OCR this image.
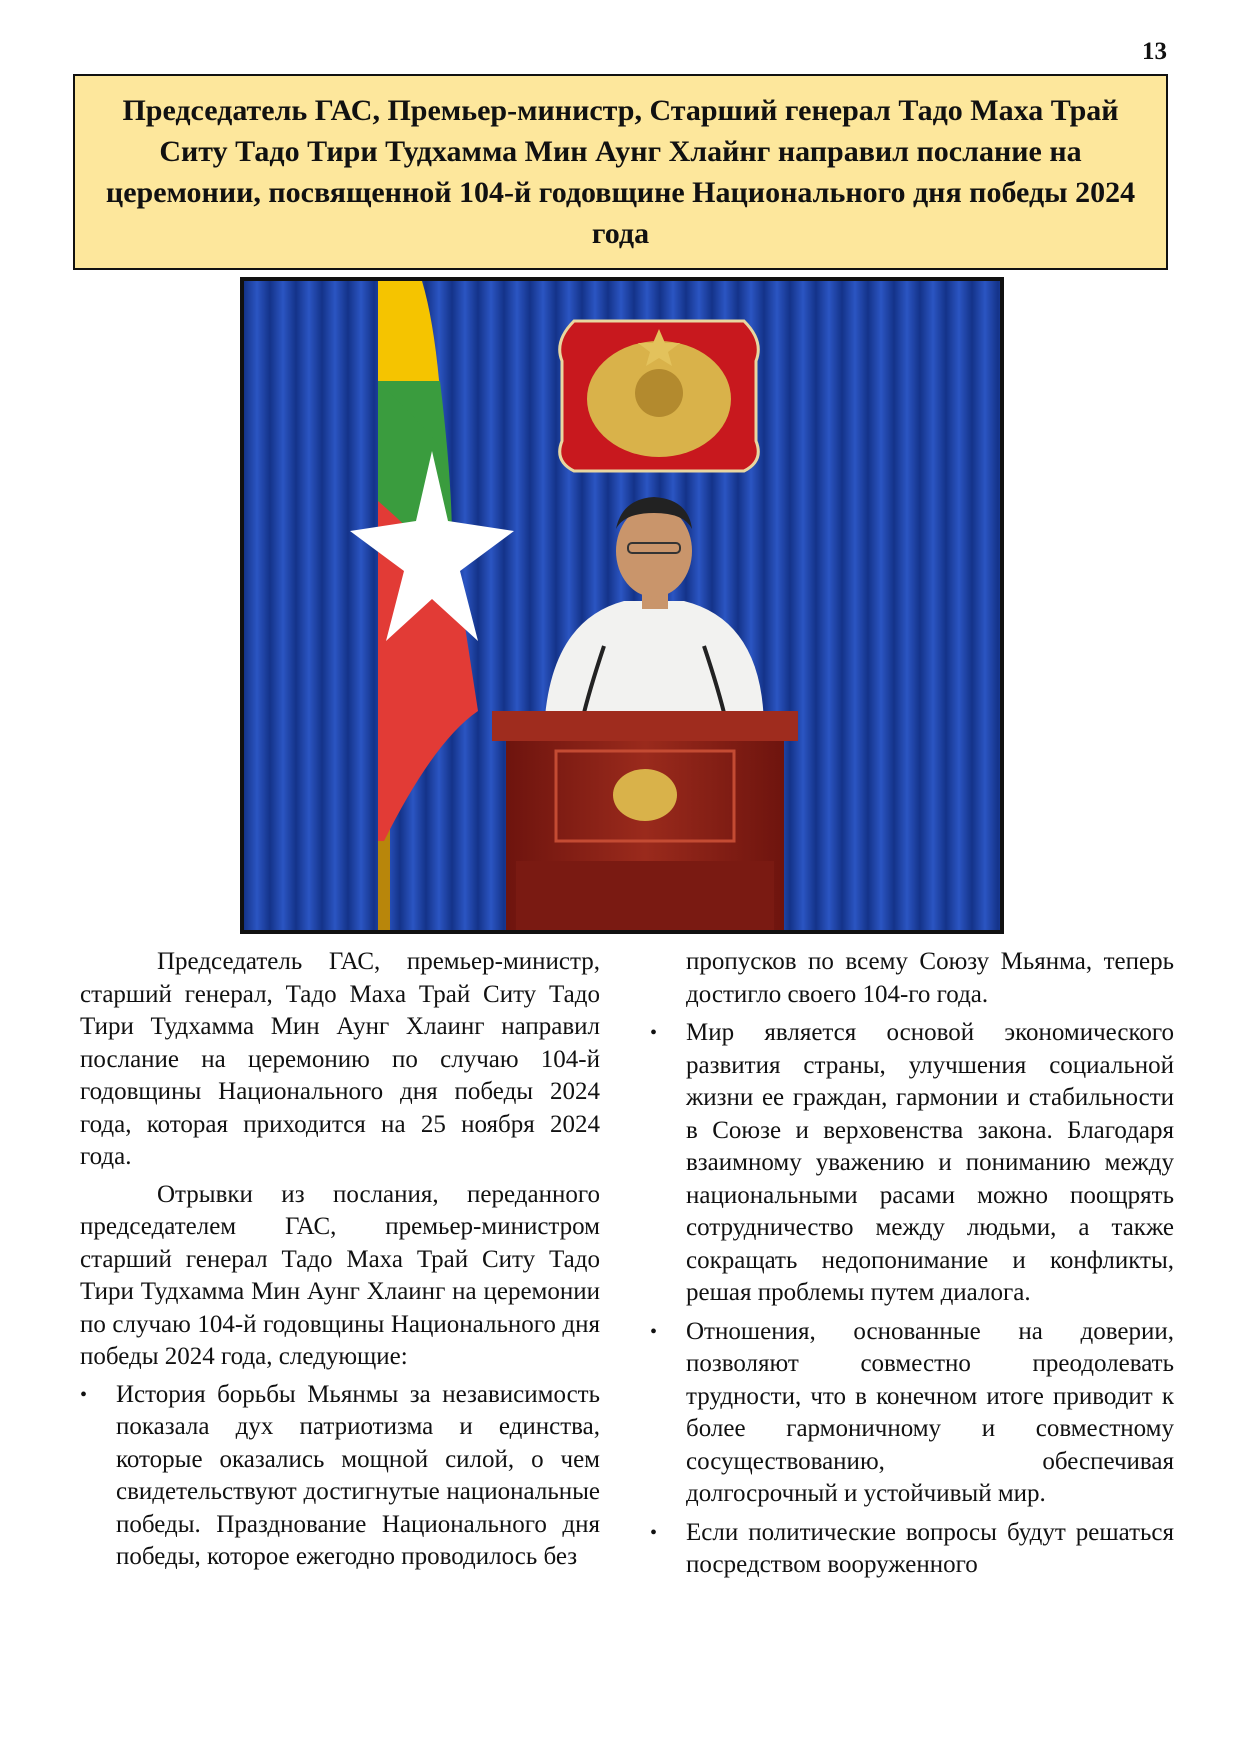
13
Председатель ГАС, Премьер-министр, Старший генерал Тадо Маха Трай Ситу Тадо Тири Тудхамма Мин Аунг Хлайнг направил послание на церемонии, посвященной 104-й годовщине Национального дня победы 2024 года

Председатель ГАС, премьер-министр, старший генерал, Тадо Маха Трай Ситу Тадо Тири Тудхамма Мин Аунг Хлаинг направил послание на церемонию по случаю 104-й годовщины Национального дня победы 2024 года, которая приходится на 25 ноября 2024 года.

Отрывки из послания, переданного председателем ГАС, премьер-министром старший генерал Тадо Маха Трай Ситу Тадо Тири Тудхамма Мин Аунг Хлаинг на церемонии по случаю 104-й годовщины Национального дня победы 2024 года, следующие:

•	История борьбы Мьянмы за независимость показала дух патриотизма и единства, которые оказались мощной силой, о чем свидетельствуют достигнутые национальные победы. Празднование Национального дня победы, которое ежегодно проводилось без

пропусков по всему Союзу Мьянма, теперь достигло своего 104-го года.

•	Мир является основой экономического развития страны, улучшения социальной жизни ее граждан, гармонии и стабильности в Союзе и верховенства закона. Благодаря взаимному уважению и пониманию между национальными расами можно поощрять сотрудничество между людьми, а также сокращать недопонимание и конфликты, решая проблемы путем диалога.
•	Отношения, основанные на доверии, позволяют совместно преодолевать трудности, что в конечном итоге приводит к более гармоничному и совместному сосуществованию, обеспечивая долгосрочный и устойчивый мир.
•	Если политические вопросы будут решаться посредством вооруженного
